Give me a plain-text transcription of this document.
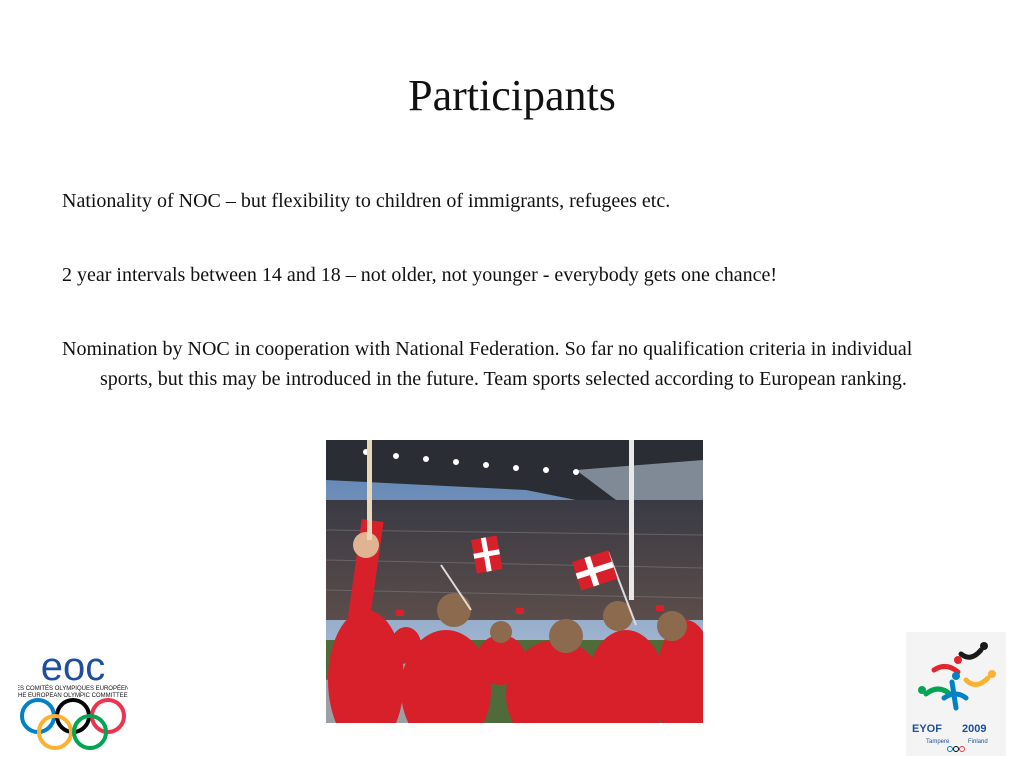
Participants

Nationality of NOC – but flexibility to children of immigrants, refugees etc.

2 year intervals between 14 and 18 – not older, not younger - everybody gets one chance!

Nomination by NOC in cooperation with National Federation. So far no qualification criteria in individual sports, but this may be introduced in the future. Team sports selected according to European ranking.

eoc
LES COMITÉS OLYMPIQUES EUROPÉENS
THE EUROPEAN OLYMPIC COMMITTEES
EYOF 2009
Tampere	Finland
